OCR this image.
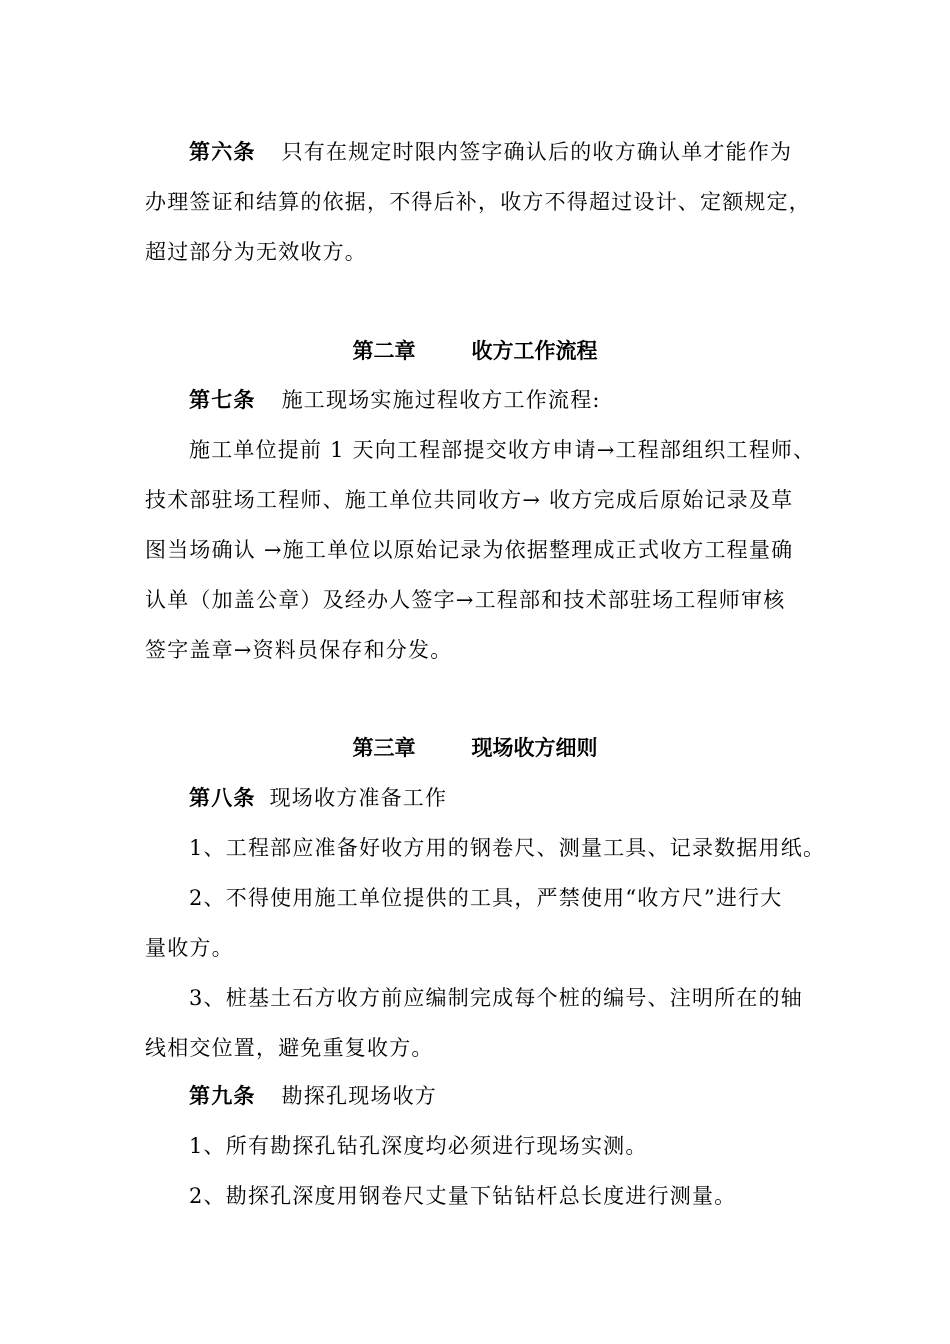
第六条 只有在规定时限内签字确认后的收方确认单才能作为
办理签证和结算的依据，不得后补，收方不得超过设计、定额规定，
超过部分为无效收方。
第二章	收方工作流程
第七条 施工现场实施过程收方工作流程:
施工单位提前 1 天向工程部提交收方申请→工程部组织工程师、
技术部驻场工程师、施工单位共同收方→ 收方完成后原始记录及草
图当场确认 →施工单位以原始记录为依据整理成正式收方工程量确
认单（加盖公章）及经办人签字→工程部和技术部驻场工程师审核
签字盖章→资料员保存和分发。
第三章	现场收方细则
第八条 现场收方准备工作
1、工程部应准备好收方用的钢卷尺、测量工具、记录数据用纸。
2、不得使用施工单位提供的工具，严禁使用“收方尺”进行大
量收方。
3、桩基土石方收方前应编制完成每个桩的编号、注明所在的轴
线相交位置，避免重复收方。
第九条 勘探孔现场收方
1、所有勘探孔钻孔深度均必须进行现场实测。
2、勘探孔深度用钢卷尺丈量下钻钻杆总长度进行测量。
